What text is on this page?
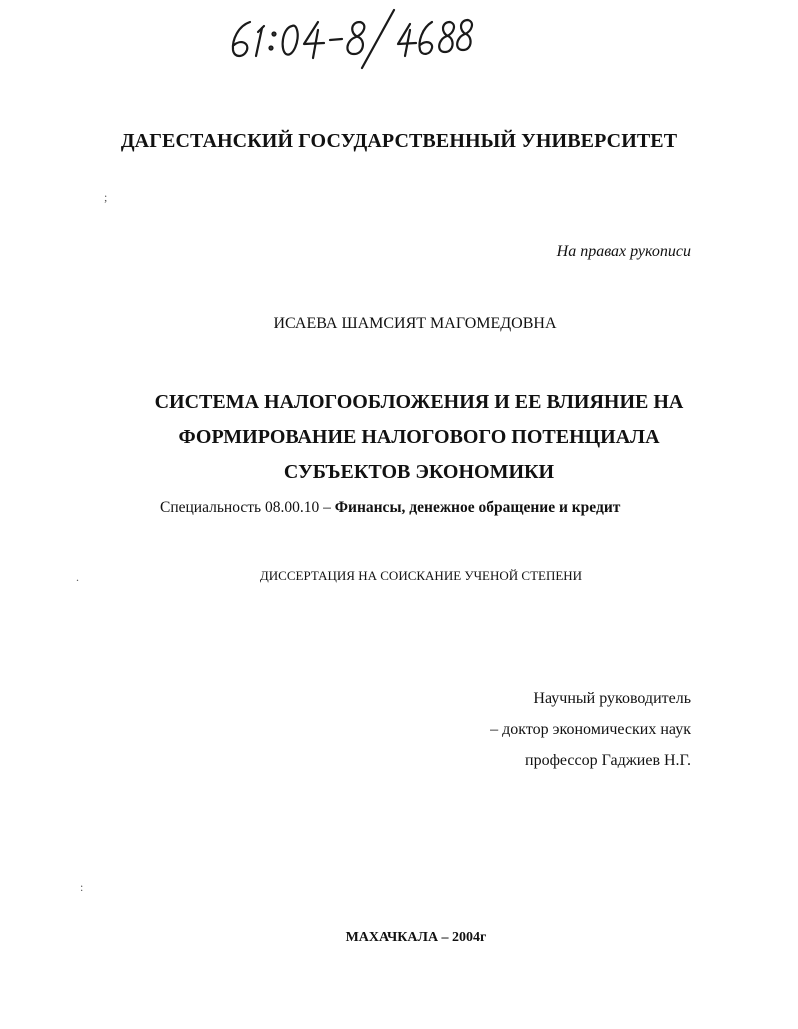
ДАГЕСТАНСКИЙ ГОСУДАРСТВЕННЫЙ УНИВЕРСИТЕТ
;
На правах рукописи
ИСАЕВА ШАМСИЯТ МАГОМЕДОВНА
СИСТЕМА НАЛОГООБЛОЖЕНИЯ И ЕЕ ВЛИЯНИЕ НА
ФОРМИРОВАНИЕ НАЛОГОВОГО ПОТЕНЦИАЛА
СУБЪЕКТОВ ЭКОНОМИКИ
Специальность 08.00.10 – Финансы, денежное обращение и кредит
ДИССЕРТАЦИЯ НА СОИСКАНИЕ УЧЕНОЙ СТЕПЕНИ
.
Научный руководитель
– доктор экономических наук
профессор Гаджиев Н.Г.
:
МАХАЧКАЛА – 2004г
